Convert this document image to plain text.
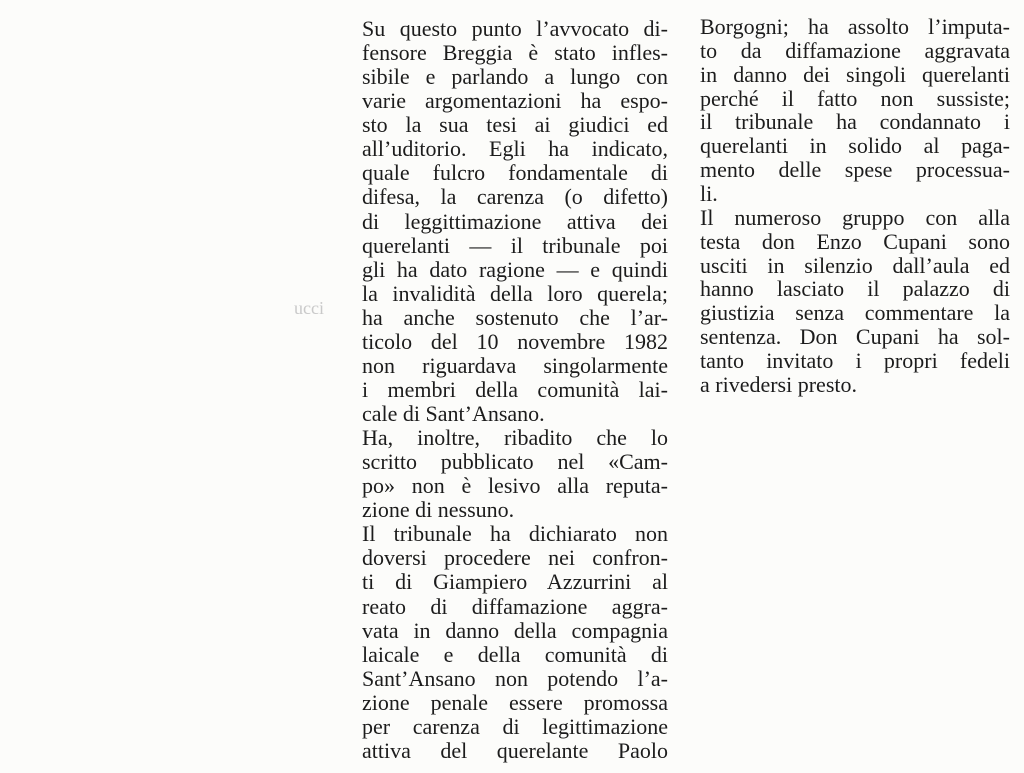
ucci
Su questo punto l’avvocato di-
fensore Breggia è stato infles-
sibile e parlando a lungo con
varie argomentazioni ha espo-
sto la sua tesi ai giudici ed
all’uditorio. Egli ha indicato,
quale fulcro fondamentale di
difesa, la carenza (o difetto)
di leggittimazione attiva dei
querelanti — il tribunale poi
gli ha dato ragione — e quindi
la invalidità della loro querela;
ha anche sostenuto che l’ar-
ticolo del 10 novembre 1982
non riguardava singolarmente
i membri della comunità lai-
cale di Sant’Ansano.
Ha, inoltre, ribadito che lo
scritto pubblicato nel «Cam-
po» non è lesivo alla reputa-
zione di nessuno.
Il tribunale ha dichiarato non
doversi procedere nei confron-
ti di Giampiero Azzurrini al
reato di diffamazione aggra-
vata in danno della compagnia
laicale e della comunità di
Sant’Ansano non potendo l’a-
zione penale essere promossa
per carenza di legittimazione
attiva del querelante Paolo
Borgogni; ha assolto l’imputa-
to da diffamazione aggravata
in danno dei singoli querelanti
perché il fatto non sussiste;
il tribunale ha condannato i
querelanti in solido al paga-
mento delle spese processua-
li.
Il numeroso gruppo con alla
testa don Enzo Cupani sono
usciti in silenzio dall’aula ed
hanno lasciato il palazzo di
giustizia senza commentare la
sentenza. Don Cupani ha sol-
tanto invitato i propri fedeli
a rivedersi presto.
